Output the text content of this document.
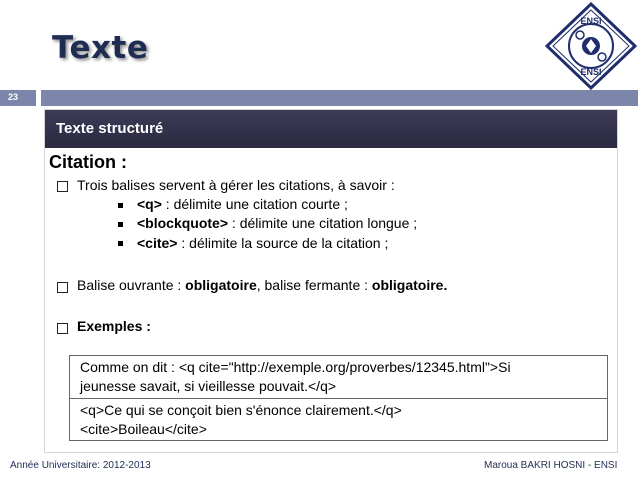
Texte
ENSI
ENSI
23
Texte structuré
Citation :
Trois balises servent à gérer les citations, à savoir :
<q> : délimite une citation courte ;
<blockquote> : délimite une citation longue ;
<cite> : délimite la source de la citation ;
Balise ouvrante : obligatoire, balise fermante : obligatoire.
Exemples :
Comme on dit : <q cite="http://exemple.org/proverbes/12345.html">Si
jeunesse savait, si vieillesse pouvait.</q>
<q>Ce qui se conçoit bien s'énonce clairement.</q>
<cite>Boileau</cite>
Année Universitaire: 2012-2013	Maroua BAKRI HOSNI - ENSI
